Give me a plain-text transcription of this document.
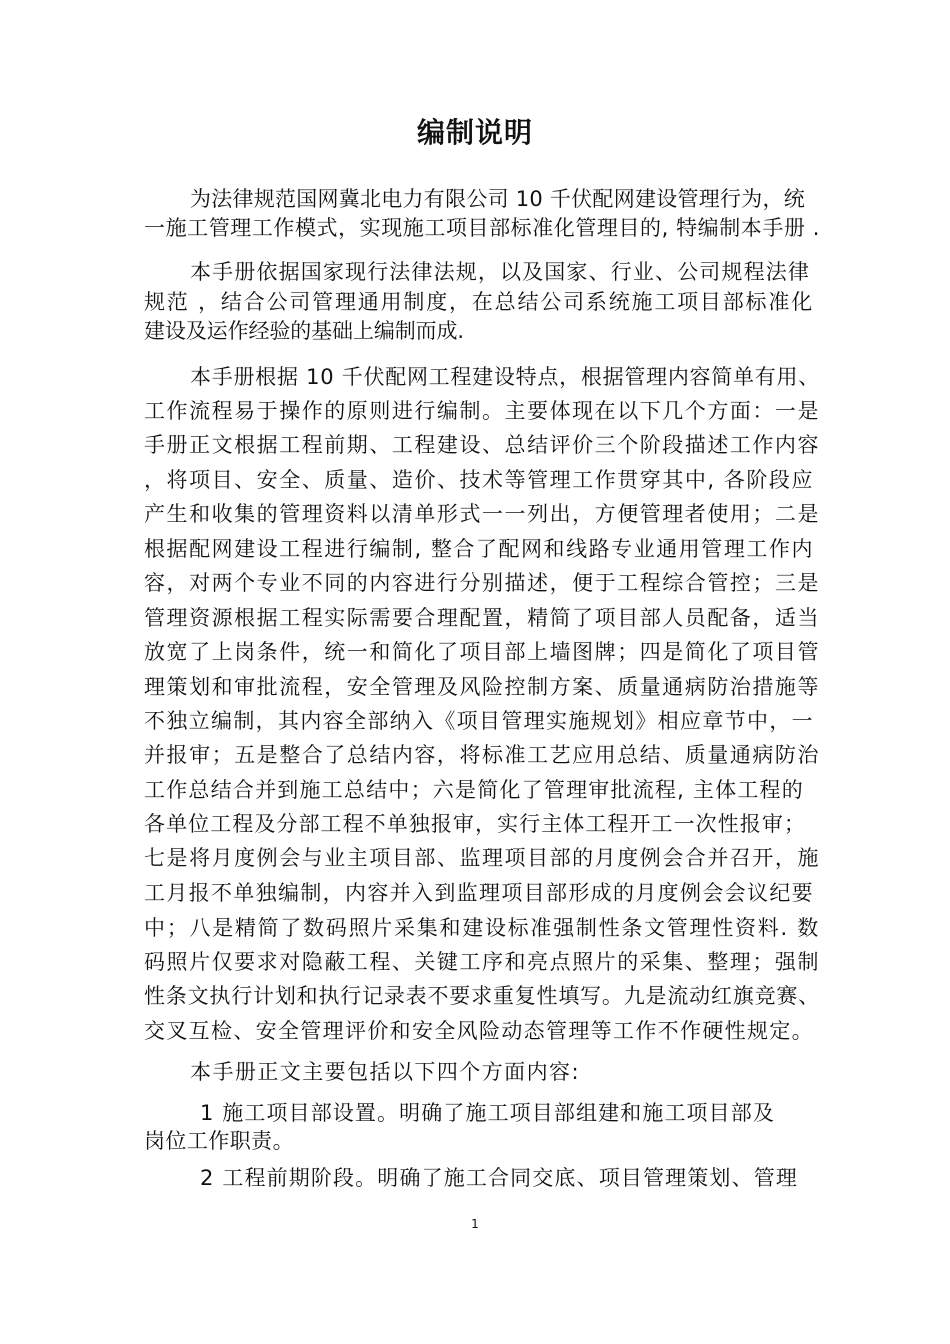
编制说明
为法律规范国网冀北电力有限公司 10 千伏配网建设管理行为，统
一施工管理工作模式，实现施工项目部标准化管理目的, 特编制本手册 .
本手册依据国家现行法律法规，以及国家、行业、公司规程法律
规范 ，结合公司管理通用制度，在总结公司系统施工项目部标准化
建设及运作经验的基础上编制而成.
本手册根据 10 千伏配网工程建设特点，根据管理内容简单有用、
工作流程易于操作的原则进行编制。主要体现在以下几个方面：一是
手册正文根据工程前期、工程建设、总结评价三个阶段描述工作内容
，将项目、安全、质量、造价、技术等管理工作贯穿其中, 各阶段应
产生和收集的管理资料以清单形式一一列出，方便管理者使用；二是
根据配网建设工程进行编制, 整合了配网和线路专业通用管理工作内
容，对两个专业不同的内容进行分别描述，便于工程综合管控；三是
管理资源根据工程实际需要合理配置，精简了项目部人员配备，适当
放宽了上岗条件，统一和简化了项目部上墙图牌；四是简化了项目管
理策划和审批流程，安全管理及风险控制方案、质量通病防治措施等
不独立编制，其内容全部纳入《项目管理实施规划》相应章节中，一
并报审；五是整合了总结内容，将标准工艺应用总结、质量通病防治
工作总结合并到施工总结中；六是简化了管理审批流程, 主体工程的
各单位工程及分部工程不单独报审，实行主体工程开工一次性报审；
七是将月度例会与业主项目部、监理项目部的月度例会合并召开，施
工月报不单独编制，内容并入到监理项目部形成的月度例会会议纪要
中；八是精简了数码照片采集和建设标准强制性条文管理性资料. 数
码照片仅要求对隐蔽工程、关键工序和亮点照片的采集、整理；强制
性条文执行计划和执行记录表不要求重复性填写。九是流动红旗竞赛、
交叉互检、安全管理评价和安全风险动态管理等工作不作硬性规定。
本手册正文主要包括以下四个方面内容:
1 施工项目部设置。明确了施工项目部组建和施工项目部及
岗位工作职责。
2 工程前期阶段。明确了施工合同交底、项目管理策划、管理
1
